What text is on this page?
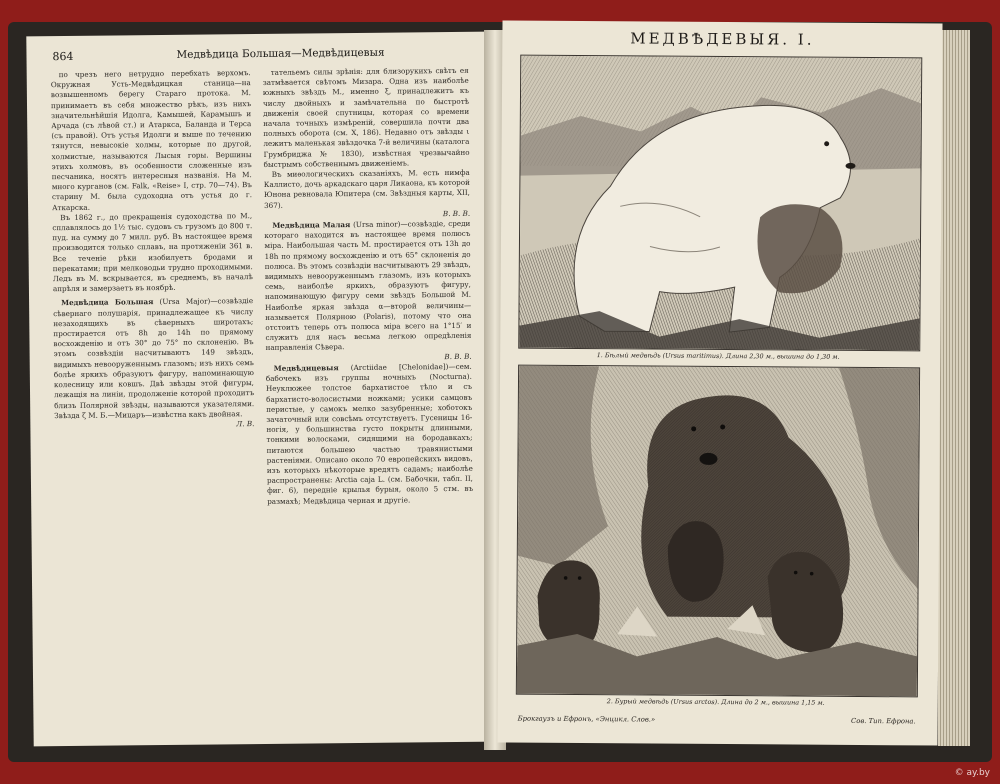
864	Медвѣдица Большая—Медвѣдицевыя

по чрезъ него нетрудно перебхать верхомъ. Окружная Усть-Медвѣдицкая станица—на возвышенномъ берегу Стараго протока. М. принимаетъ въ себя множество рѣкъ, изъ нихъ значительнѣйшія Идолга, Камышей, Карамышъ и Арчада (съ лѣвой ст.) и Атаркса, Баланда и Терса (съ правой). Отъ устья Идолги и выше по течению тянутся, невысокіе холмы, которые по другой, холмистые, называются Лысыя горы. Вершины этихъ холмовъ, въ особенности сложенные изъ песчаника, носятъ интересныя названія. На М. много курганов (см. Falk, «Reise» I, стр. 70—74). Въ старину М. была судоходна отъ устья до г. Аткарска.

Въ 1862 г., до прекращенія судоходства по М., сплавлялось до 1½ тыс. судовъ съ грузомъ до 800 т. пуд. на сумму до 7 милл. руб. Въ настоящее время производится только сплавъ, на протяженіи 361 в. Все теченіе рѣки изобилуетъ бродами и перекатами; при мелководьи трудно проходимыми. Ледъ въ М. вскрывается, въ среднемъ, въ началѣ апрѣля и замерзаетъ въ ноябрѣ.

Медвѣдица Большая (Ursa Major)—созвѣздіе сѣвернаго полушарія, принадлежащее къ числу незаходящихъ въ сѣверныхъ широтахъ; простирается отъ 8h до 14h по прямому восхожденію и отъ 30° до 75° по склоненію. Въ этомъ созвѣздіи насчитываютъ 149 звѣздъ, видимыхъ невооруженнымъ глазомъ; изъ нихъ семь болѣе яркихъ образуютъ фигуру, напоминающую колесницу или ковшъ. Двѣ звѣзды этой фигуры, лежащія на линіи, продолженіе которой проходитъ близъ Полярной звѣзды, называются указателями. Звѣзда ζ М. Б.—Мицаръ—извѣстна какъ двойная.

Л. В.

тательемъ силы зрѣнія: для близорукихъ свѣтъ ея затмѣвается свѣтомъ Мизара. Одна изъ наиболѣе южныхъ звѣздъ М., именно ξ, принадлежитъ къ числу двойныхъ и замѣчательна по быстротѣ движенія своей спутницы, которая со времени начала точныхъ измѣреній, совершила почти два полныхъ оборота (см. X, 186). Недавно отъ звѣзды ι лежитъ маленькая звѣздочка 7-й величины (каталога Грумбриджа № 1830), извѣстная чрезвычайно быстрымъ собственнымъ движеніемъ.

Въ миѳологическихъ сказаніяхъ, М. есть нимфа Каллисто, дочь аркадскаго царя Ликаона, къ которой Юнона ревновала Юпитера (см. Звѣздныя карты, XII, 367).

В. В. В.

Медвѣдица Малая (Ursa minor)—созвѣздіе, среди котораго находится въ настоящее время полюсъ міра. Наибольшая часть М. простирается отъ 13h до 18h по прямому восхожденію и отъ 65° склоненія до полюса. Въ этомъ созвѣздіи насчитываютъ 29 звѣздъ, видимыхъ невооруженнымъ глазомъ, изъ которыхъ семь, наиболѣе яркихъ, образуютъ фигуру, напоминающую фигуру семи звѣздъ Большой М. Наиболѣе яркая звѣзда α—второй величины—называется Полярною (Polaris), потому что она отстоитъ теперь отъ полюса міра всего на 1°15′ и служитъ для насъ весьма легкою опредѣленія направленія Сѣвера.

В. В. В.

Медвѣдицевыя (Arctiidae [Chelonidae])—сем. бабочекъ изъ группы ночныхъ (Nocturna). Неуклюжее толстое бархатистое тѣло и съ бархатисто-волосистыми ножками; усики самцовъ перистые, у самокъ мелко зазубренные; хоботокъ зачаточный или совсѣмъ отсутствуетъ. Гусеницы 16-ногія, у большинства густо покрыты длинными, тонкими волосками, сидящими на бородавкахъ; питаются большею частью травянистыми растеніями. Описано около 70 европейскихъ видовъ, изъ которыхъ нѣкоторые вредятъ садамъ; наиболѣе распространены: Arctia caja L. (см. Бабочки, табл. II, фиг. 6), передніе крылья бурыя, около 5 стм. въ размахѣ; Медвѣдица черная и другіе.

МЕДВѢДЕВЫЯ. I.
1. Бѣлый медвѣдь (Ursus maritimus). Длина 2,30 м., вышина до 1,30 м.
2. Бурый медвѣдь (Ursus arctos). Длина до 2 м., вышина 1,15 м.
Брокгаузъ и Ефронъ, «Энцикл. Слов.»	Сов. Тип. Ефрона.
© ay.by
